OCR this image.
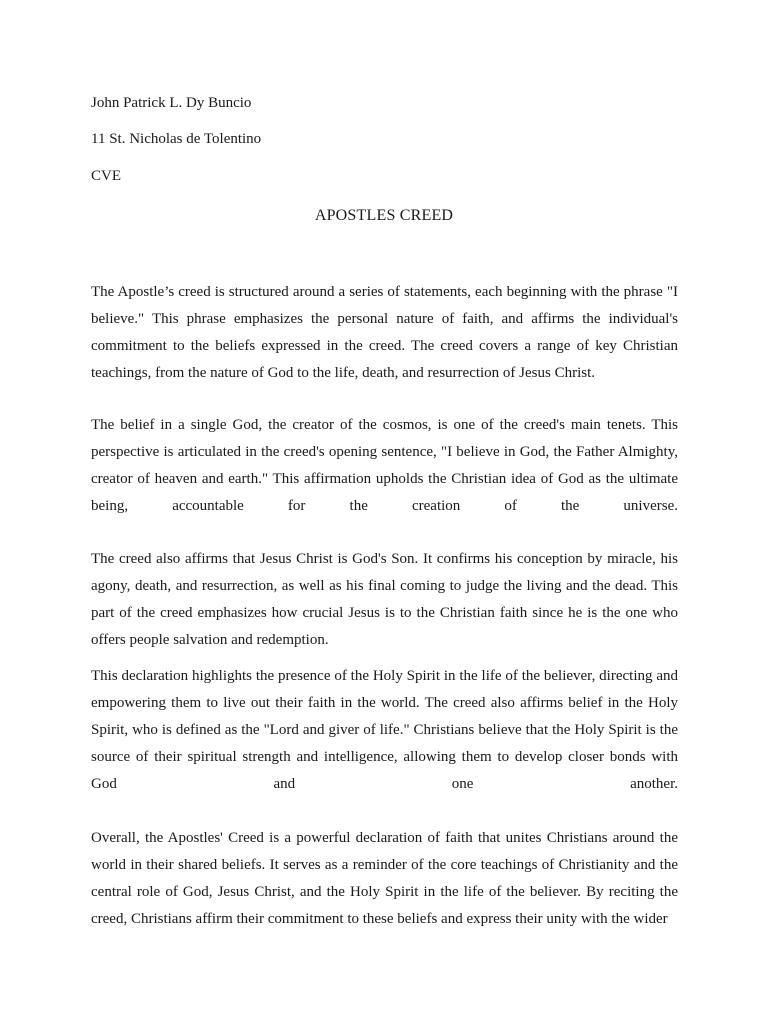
John Patrick L. Dy Buncio

11 St. Nicholas de Tolentino

CVE

APOSTLES CREED

The Apostle’s creed is structured around a series of statements, each beginning with the phrase "I believe." This phrase emphasizes the personal nature of faith, and affirms the individual's commitment to the beliefs expressed in the creed. The creed covers a range of key Christian teachings, from the nature of God to the life, death, and resurrection of Jesus Christ.

The belief in a single God, the creator of the cosmos, is one of the creed's main tenets. This perspective is articulated in the creed's opening sentence, "I believe in God, the Father Almighty, creator of heaven and earth." This affirmation upholds the Christian idea of God as the ultimate being, accountable for the creation of the universe.

The creed also affirms that Jesus Christ is God's Son. It confirms his conception by miracle, his agony, death, and resurrection, as well as his final coming to judge the living and the dead. This part of the creed emphasizes how crucial Jesus is to the Christian faith since he is the one who offers people salvation and redemption.

This declaration highlights the presence of the Holy Spirit in the life of the believer, directing and empowering them to live out their faith in the world. The creed also affirms belief in the Holy Spirit, who is defined as the "Lord and giver of life." Christians believe that the Holy Spirit is the source of their spiritual strength and intelligence, allowing them to develop closer bonds with God and one another.

Overall, the Apostles' Creed is a powerful declaration of faith that unites Christians around the world in their shared beliefs. It serves as a reminder of the core teachings of Christianity and the central role of God, Jesus Christ, and the Holy Spirit in the life of the believer. By reciting the creed, Christians affirm their commitment to these beliefs and express their unity with the wider
